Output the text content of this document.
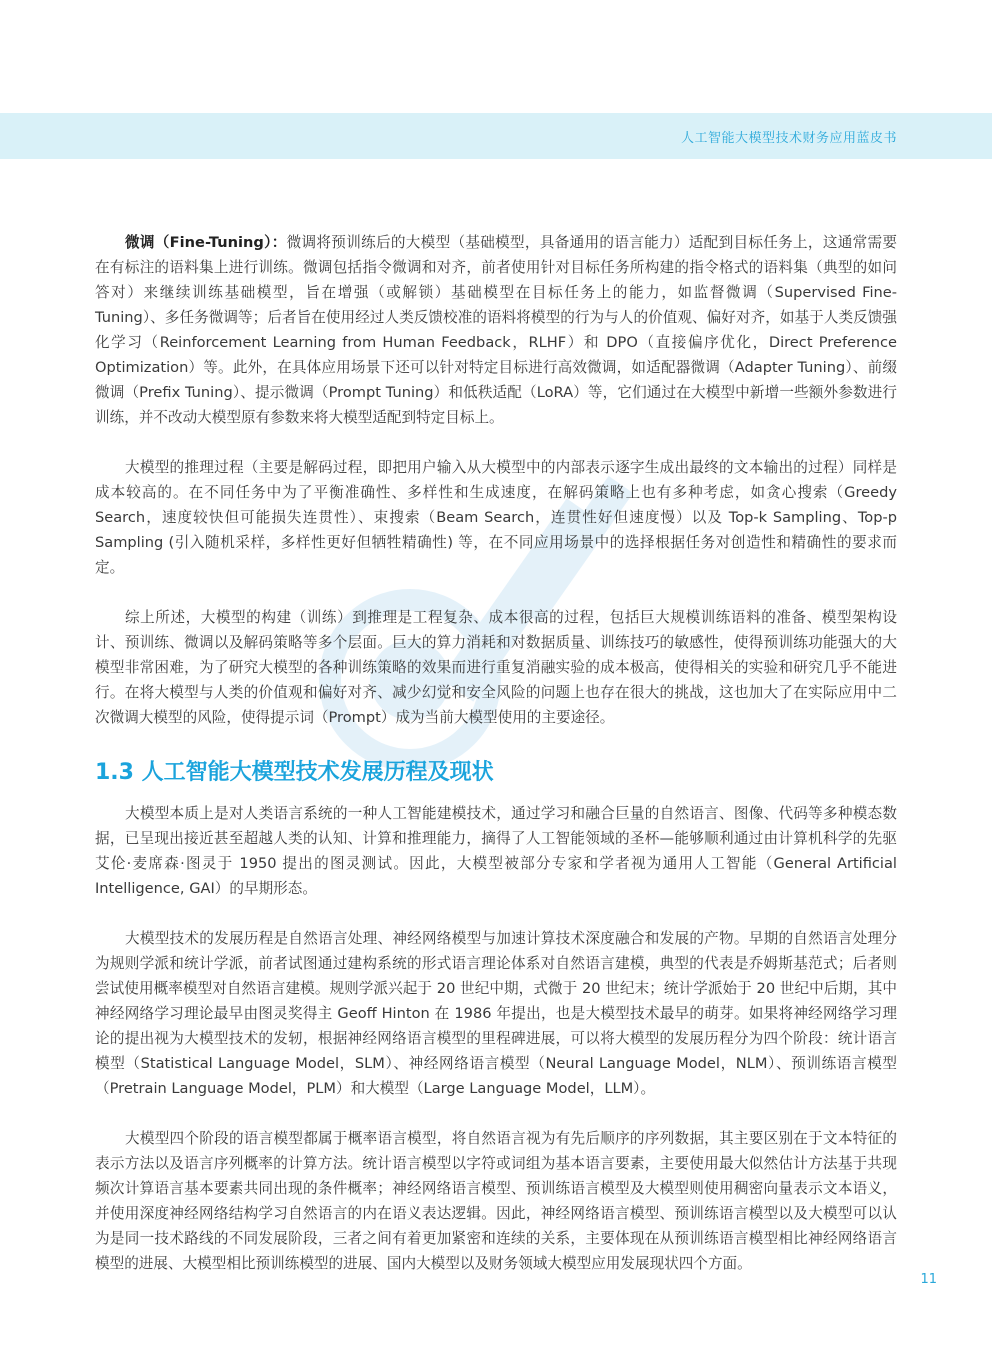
人工智能大模型技术财务应用蓝皮书

微调（Fine-Tuning）：微调将预训练后的大模型（基础模型，具备通用的语言能力）适配到目标任务上，这通常需要在有标注的语料集上进行训练。微调包括指令微调和对齐，前者使用针对目标任务所构建的指令格式的语料集（典型的如问答对）来继续训练基础模型，旨在增强（或解锁）基础模型在目标任务上的能力，如监督微调（Supervised Fine-Tuning）、多任务微调等；后者旨在使用经过人类反馈校准的语料将模型的行为与人的价值观、偏好对齐，如基于人类反馈强化学习（Reinforcement Learning from Human Feedback，RLHF）和 DPO（直接偏序优化，Direct Preference Optimization）等。此外，在具体应用场景下还可以针对特定目标进行高效微调，如适配器微调（Adapter Tuning）、前缀微调（Prefix Tuning）、提示微调（Prompt Tuning）和低秩适配（LoRA）等，它们通过在大模型中新增一些额外参数进行训练，并不改动大模型原有参数来将大模型适配到特定目标上。

大模型的推理过程（主要是解码过程，即把用户输入从大模型中的内部表示逐字生成出最终的文本输出的过程）同样是成本较高的。在不同任务中为了平衡准确性、多样性和生成速度，在解码策略上也有多种考虑，如贪心搜索（Greedy Search，速度较快但可能损失连贯性）、束搜索（Beam Search，连贯性好但速度慢）以及 Top-k Sampling、Top-p Sampling (引入随机采样，多样性更好但牺牲精确性) 等，在不同应用场景中的选择根据任务对创造性和精确性的要求而定。

综上所述，大模型的构建（训练）到推理是工程复杂、成本很高的过程，包括巨大规模训练语料的准备、模型架构设计、预训练、微调以及解码策略等多个层面。巨大的算力消耗和对数据质量、训练技巧的敏感性，使得预训练功能强大的大模型非常困难，为了研究大模型的各种训练策略的效果而进行重复消融实验的成本极高，使得相关的实验和研究几乎不能进行。在将大模型与人类的价值观和偏好对齐、减少幻觉和安全风险的问题上也存在很大的挑战，这也加大了在实际应用中二次微调大模型的风险，使得提示词（Prompt）成为当前大模型使用的主要途径。

1.3 人工智能大模型技术发展历程及现状

大模型本质上是对人类语言系统的一种人工智能建模技术，通过学习和融合巨量的自然语言、图像、代码等多种模态数据，已呈现出接近甚至超越人类的认知、计算和推理能力，摘得了人工智能领域的圣杯—能够顺利通过由计算机科学的先驱艾伦·麦席森·图灵于 1950 提出的图灵测试。因此，大模型被部分专家和学者视为通用人工智能（General Artificial Intelligence, GAI）的早期形态。

大模型技术的发展历程是自然语言处理、神经网络模型与加速计算技术深度融合和发展的产物。早期的自然语言处理分为规则学派和统计学派，前者试图通过建构系统的形式语言理论体系对自然语言建模，典型的代表是乔姆斯基范式；后者则尝试使用概率模型对自然语言建模。规则学派兴起于 20 世纪中期，式微于 20 世纪末；统计学派始于 20 世纪中后期，其中神经网络学习理论最早由图灵奖得主 Geoff Hinton 在 1986 年提出，也是大模型技术最早的萌芽。如果将神经网络学习理论的提出视为大模型技术的发轫，根据神经网络语言模型的里程碑进展，可以将大模型的发展历程分为四个阶段：统计语言模型（Statistical Language Model，SLM）、神经网络语言模型（Neural Language Model，NLM）、预训练语言模型（Pretrain Language Model，PLM）和大模型（Large Language Model，LLM）。

大模型四个阶段的语言模型都属于概率语言模型，将自然语言视为有先后顺序的序列数据，其主要区别在于文本特征的表示方法以及语言序列概率的计算方法。统计语言模型以字符或词组为基本语言要素，主要使用最大似然估计方法基于共现频次计算语言基本要素共同出现的条件概率；神经网络语言模型、预训练语言模型及大模型则使用稠密向量表示文本语义，并使用深度神经网络结构学习自然语言的内在语义表达逻辑。因此，神经网络语言模型、预训练语言模型以及大模型可以认为是同一技术路线的不同发展阶段，三者之间有着更加紧密和连续的关系，主要体现在从预训练语言模型相比神经网络语言模型的进展、大模型相比预训练模型的进展、国内大模型以及财务领域大模型应用发展现状四个方面。

11
